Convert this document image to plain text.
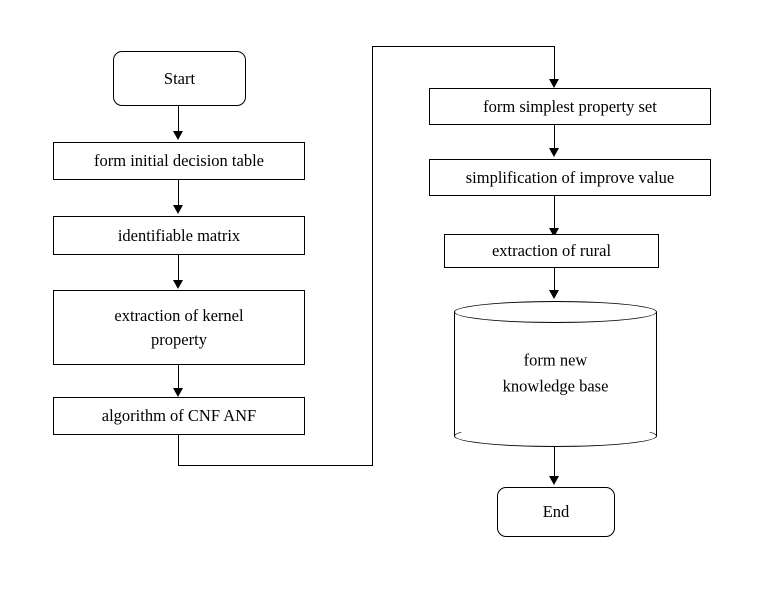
Start
form initial decision table
identifiable matrix
extraction of kernel
property
algorithm of CNF ANF
form simplest property set
simplification of improve value
extraction of rural
form new
knowledge base
End
